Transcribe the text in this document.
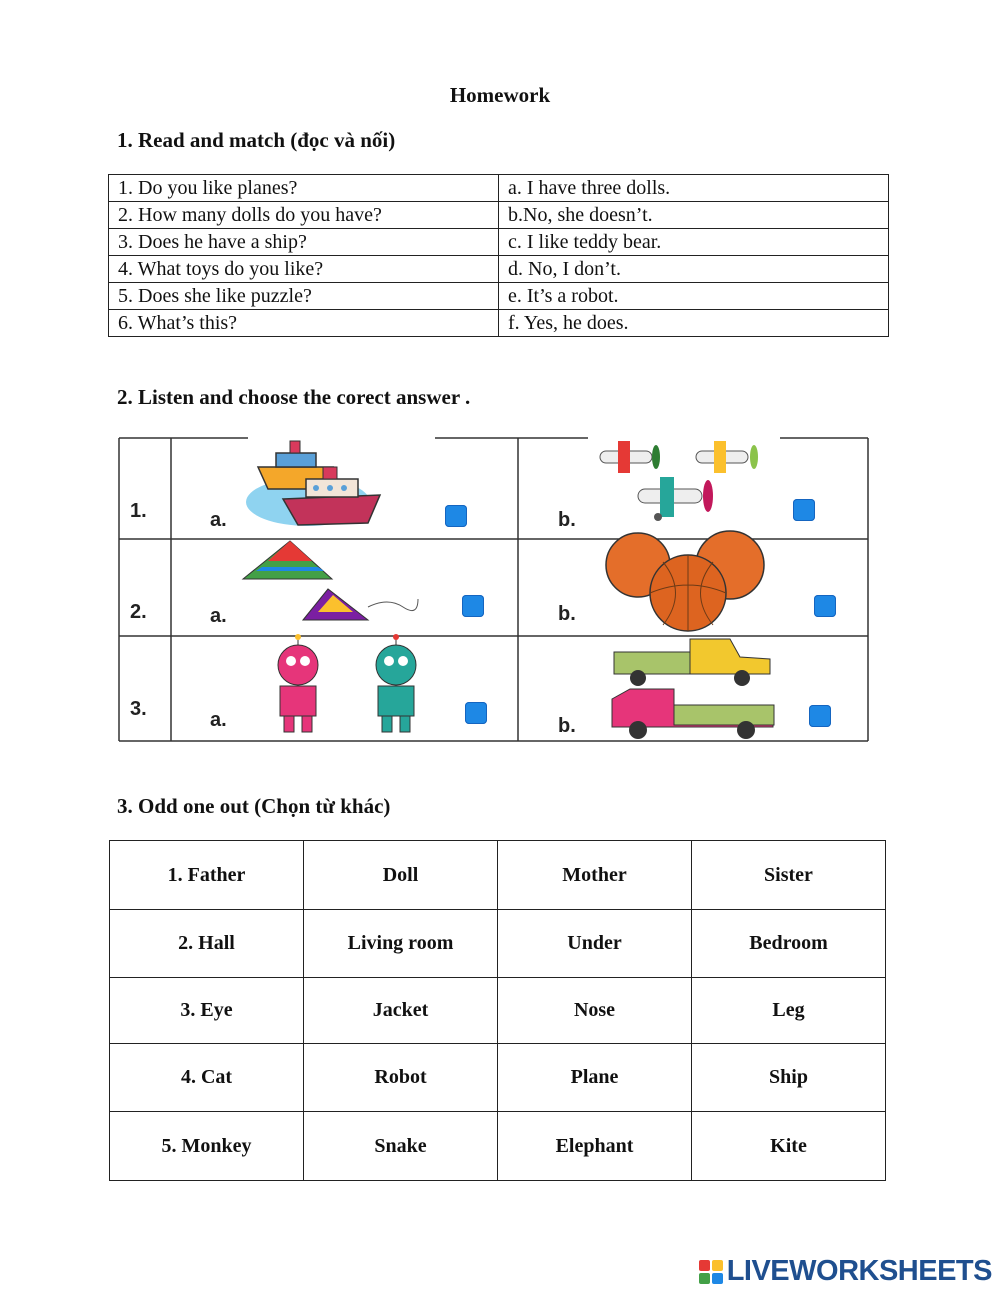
Homework
1. Read and match (đọc và nối)
1. Do you like planes?	a. I have three dolls.
2. How many dolls do you have?	b.No, she doesn’t.
3. Does he have a ship?	c. I like teddy bear.
4. What toys do you like?	d. No, I don’t.
5. Does she like puzzle?	e. It’s a robot.
6. What’s this?	f. Yes, he does.
2. Listen and choose the corect answer .
1.	a.	b.
2.	a.	b.
3.	a.	b.
3. Odd one out (Chọn từ khác)
1. Father	Doll	Mother	Sister
2. Hall	Living room	Under	Bedroom
3. Eye	Jacket	Nose	Leg
4. Cat	Robot	Plane	Ship
5. Monkey	Snake	Elephant	Kite
LIVEWORKSHEETS
